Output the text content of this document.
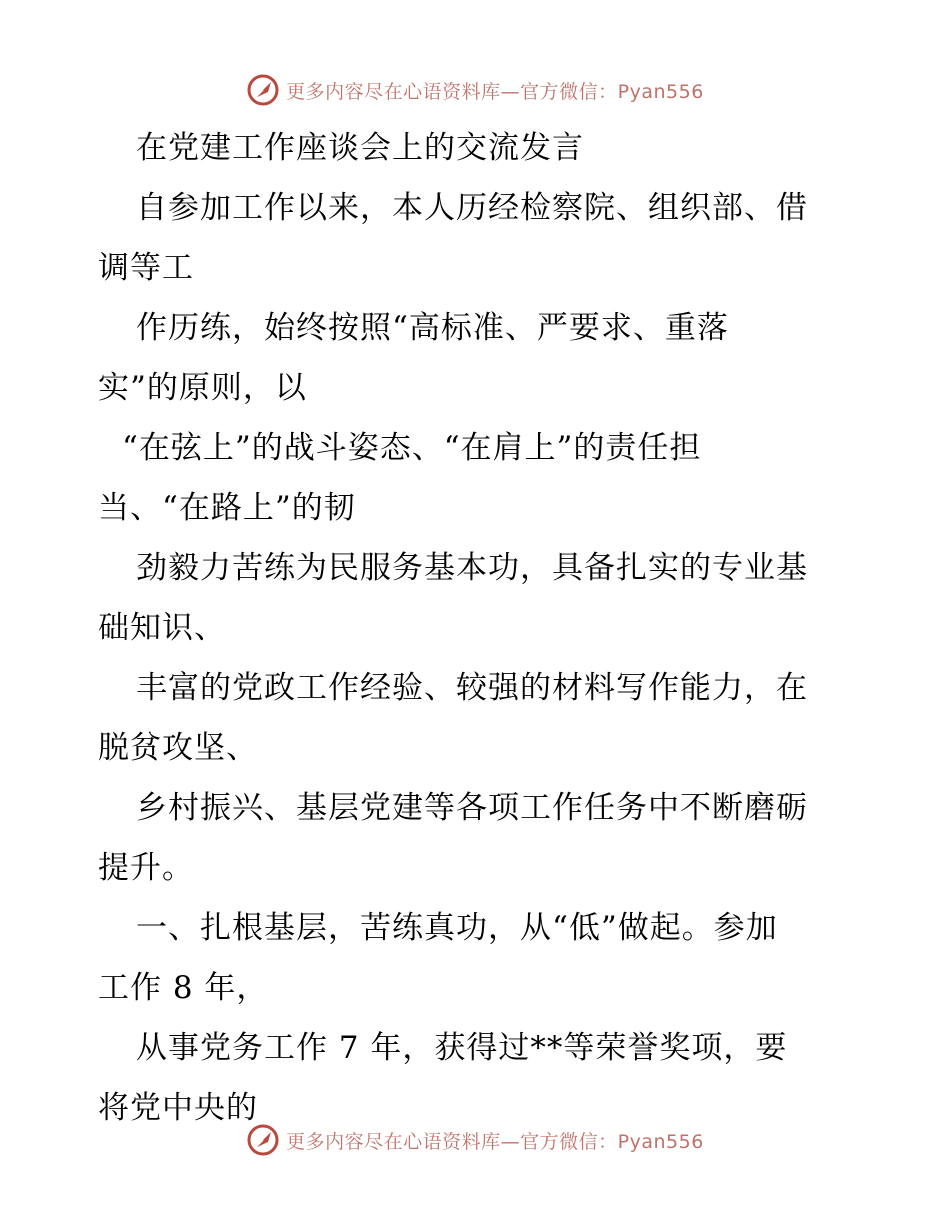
更多内容尽在心语资料库—官方微信：Pyan556
在党建工作座谈会上的交流发言
自参加工作以来，本人历经检察院、组织部、借
调等工
作历练，始终按照“高标准、严要求、重落
实”的原则，以
“在弦上”的战斗姿态、“在肩上”的责任担
当、“在路上”的韧
劲毅力苦练为民服务基本功，具备扎实的专业基
础知识、
丰富的党政工作经验、较强的材料写作能力，在
脱贫攻坚、
乡村振兴、基层党建等各项工作任务中不断磨砺
提升。
一、扎根基层，苦练真功，从“低”做起。参加
工作 8 年，
从事党务工作 7 年，获得过**等荣誉奖项，要
将党中央的
更多内容尽在心语资料库—官方微信：Pyan556
